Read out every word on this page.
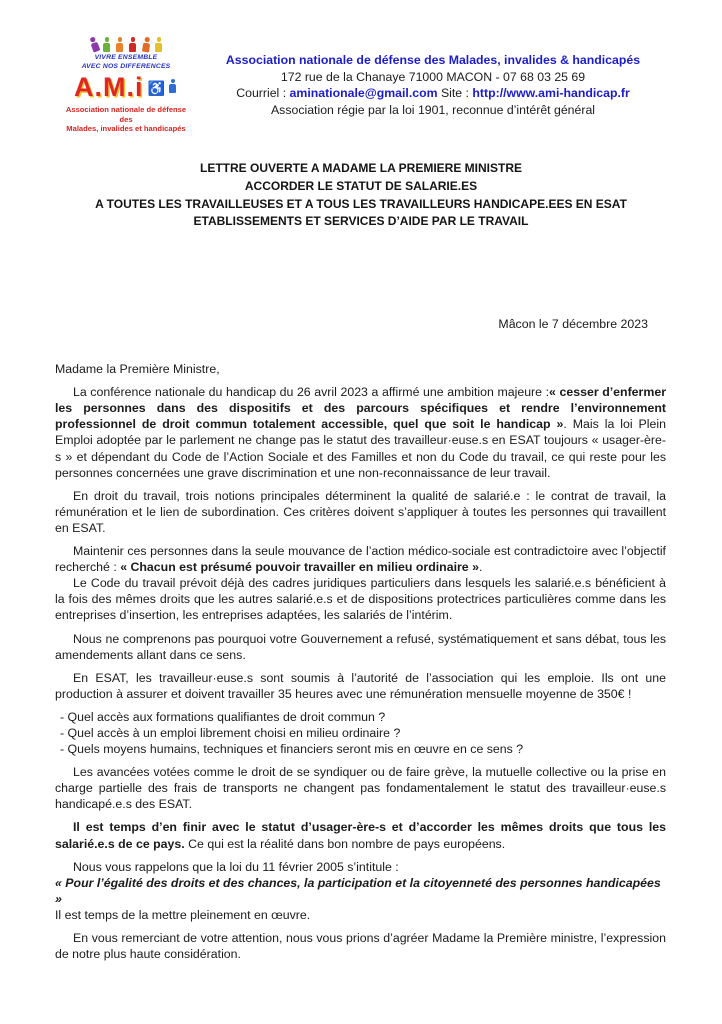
VIVRE ENSEMBLE
AVEC NOS DIFFERENCES
A.M.i ♿
Association nationale de défense des
Malades, invalides et handicapés
Association nationale de défense des Malades, invalides & handicapés
172 rue de la Chanaye 71000 MACON - 07 68 03 25 69
Courriel : aminationale@gmail.com Site : http://www.ami-handicap.fr
Association régie par la loi 1901, reconnue d’intérêt général
LETTRE OUVERTE A MADAME LA PREMIERE MINISTRE
ACCORDER LE STATUT DE SALARIE.ES
A TOUTES LES TRAVAILLEUSES ET A TOUS LES TRAVAILLEURS HANDICAPE.EES EN ESAT
ETABLISSEMENTS ET SERVICES D’AIDE PAR LE TRAVAIL

Mâcon le 7 décembre 2023

Madame la Première Ministre,

La conférence nationale du handicap du 26 avril 2023 a affirmé une ambition majeure :« cesser d’enfermer les personnes dans des dispositifs et des parcours spécifiques et rendre l’environnement professionnel de droit commun totalement accessible, quel que soit le handicap ». Mais la loi Plein Emploi adoptée par le parlement ne change pas le statut des travailleur·euse.s en ESAT toujours « usager-ère-s » et dépendant du Code de l’Action Sociale et des Familles et non du Code du travail, ce qui reste pour les personnes concernées une grave discrimination et une non-reconnaissance de leur travail.

En droit du travail, trois notions principales déterminent la qualité de salarié.e : le contrat de travail, la rémunération et le lien de subordination. Ces critères doivent s’appliquer à toutes les personnes qui travaillent en ESAT.

Maintenir ces personnes dans la seule mouvance de l’action médico-sociale est contradictoire avec l’objectif recherché : « Chacun est présumé pouvoir travailler en milieu ordinaire ».

Le Code du travail prévoit déjà des cadres juridiques particuliers dans lesquels les salarié.e.s bénéficient à la fois des mêmes droits que les autres salarié.e.s et de dispositions protectrices particulières comme dans les entreprises d’insertion, les entreprises adaptées, les salariés de l’intérim.

Nous ne comprenons pas pourquoi votre Gouvernement a refusé, systématiquement et sans débat, tous les amendements allant dans ce sens.

En ESAT, les travailleur·euse.s sont soumis à l’autorité de l’association qui les emploie. Ils ont une production à assurer et doivent travailler 35 heures avec une rémunération mensuelle moyenne de 350€ !

- Quel accès aux formations qualifiantes de droit commun ?

- Quel accès à un emploi librement choisi en milieu ordinaire ?

- Quels moyens humains, techniques et financiers seront mis en œuvre en ce sens ?

Les avancées votées comme le droit de se syndiquer ou de faire grève, la mutuelle collective ou la prise en charge partielle des frais de transports ne changent pas fondamentalement le statut des travailleur·euse.s handicapé.e.s des ESAT.

Il est temps d’en finir avec le statut d’usager-ère-s et d’accorder les mêmes droits que tous les salarié.e.s de ce pays. Ce qui est la réalité dans bon nombre de pays européens.

Nous vous rappelons que la loi du 11 février 2005 s’intitule :

« Pour l’égalité des droits et des chances, la participation et la citoyenneté des personnes handicapées »

Il est temps de la mettre pleinement en œuvre.

En vous remerciant de votre attention, nous vous prions d’agréer Madame la Première ministre, l’expression de notre plus haute considération.
